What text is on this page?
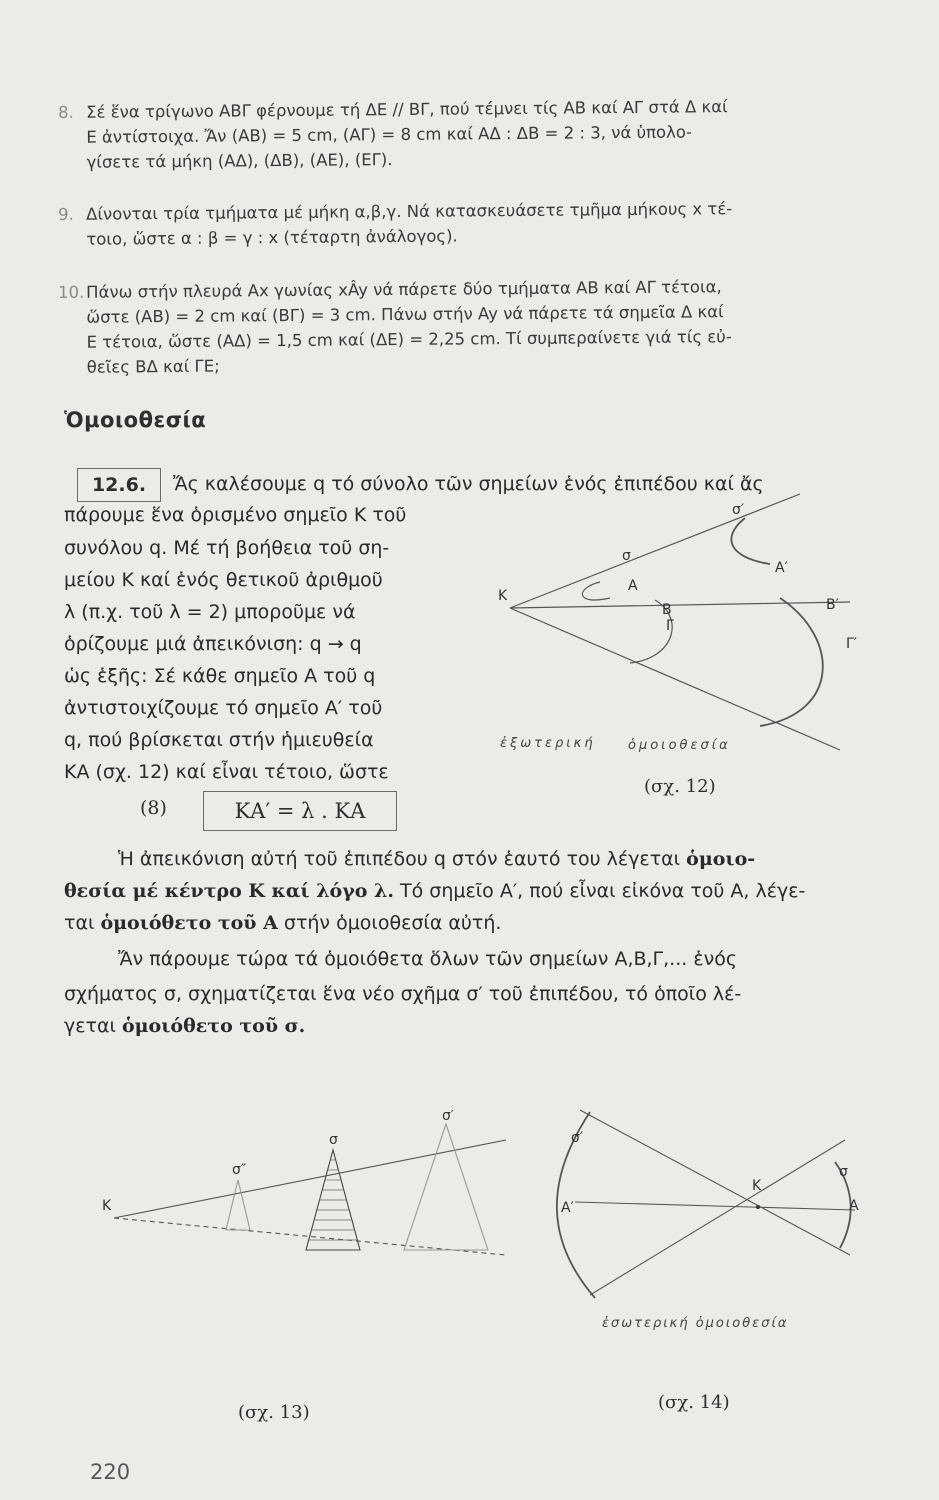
8. Σέ ἕνα τρίγωνο ΑΒΓ φέρνουμε τή ΔΕ // ΒΓ, πού τέμνει τίς ΑΒ καί ΑΓ στά Δ καί

Ε ἀντίστοιχα. Ἄν (ΑΒ) = 5 cm, (ΑΓ) = 8 cm καί ΑΔ : ΔΒ = 2 : 3, νά ὑπολο-

γίσετε τά μήκη (ΑΔ), (ΔΒ), (ΑΕ), (ΕΓ).

9. Δίνονται τρία τμήματα μέ μήκη α,β,γ. Νά κατασκευάσετε τμῆμα μήκους x τέ-

τοιο, ὥστε α : β = γ : x (τέταρτη ἀνάλογος).

10.Πάνω στήν πλευρά Αx γωνίας xÂy νά πάρετε δύο τμήματα ΑΒ καί ΑΓ τέτοια,

ὥστε (ΑΒ) = 2 cm καί (ΒΓ) = 3 cm. Πάνω στήν Ay νά πάρετε τά σημεῖα Δ καί

Ε τέτοια, ὥστε (ΑΔ) = 1,5 cm καί (ΔΕ) = 2,25 cm. Τί συμπεραίνετε γιά τίς εὐ-

θεῖες ΒΔ καί ΓΕ;

Ὁμοιοθεσία
12.6.	Ἄς καλέσουμε q τό σύνολο τῶν σημείων ἑνός ἐπιπέδου καί ἄς
πάρουμε ἕνα ὁρισμένο σημεῖο Κ τοῦ
συνόλου q. Μέ τή βοήθεια τοῦ ση-
μείου Κ καί ἑνός θετικοῦ ἀριθμοῦ
λ (π.χ. τοῦ λ = 2) μποροῦμε νά
ὁρίζουμε μιά ἀπεικόνιση: q → q
ὡς ἑξῆς: Σέ κάθε σημεῖο Α τοῦ q
ἀντιστοιχίζουμε τό σημεῖο Α′ τοῦ
q, πού βρίσκεται στήν ἡμιευθεία
ΚΑ (σχ. 12) καί εἶναι τέτοιο, ὥστε
(8)	ΚΑ′ = λ . ΚΑ
Κ
σ
σ′
Α
Β
Γ
Α′
Β′
Γ′
ἐξωτερική ὁμοιοθεσία
(σχ. 12)
Ἡ ἀπεικόνιση αὐτή τοῦ ἐπιπέδου q στόν ἑαυτό του λέγεται ὁμοιο-
θεσία μέ κέντρο Κ καί λόγο λ. Τό σημεῖο Α′, πού εἶναι εἰκόνα τοῦ Α, λέγε-
ται ὁμοιόθετο τοῦ Α στήν ὁμοιοθεσία αὐτή.
Ἄν πάρουμε τώρα τά ὁμοιόθετα ὅλων τῶν σημείων Α,Β,Γ,... ἑνός
σχήματος σ, σχηματίζεται ἕνα νέο σχῆμα σ′ τοῦ ἐπιπέδου, τό ὁποῖο λέ-
γεται ὁμοιόθετο τοῦ σ.
Κ
σ″
σ
σ′
(σχ. 13)
σ′
σ
Κ
Α′	Α
ἐσωτερική ὁμοιοθεσία
(σχ. 14)
220
